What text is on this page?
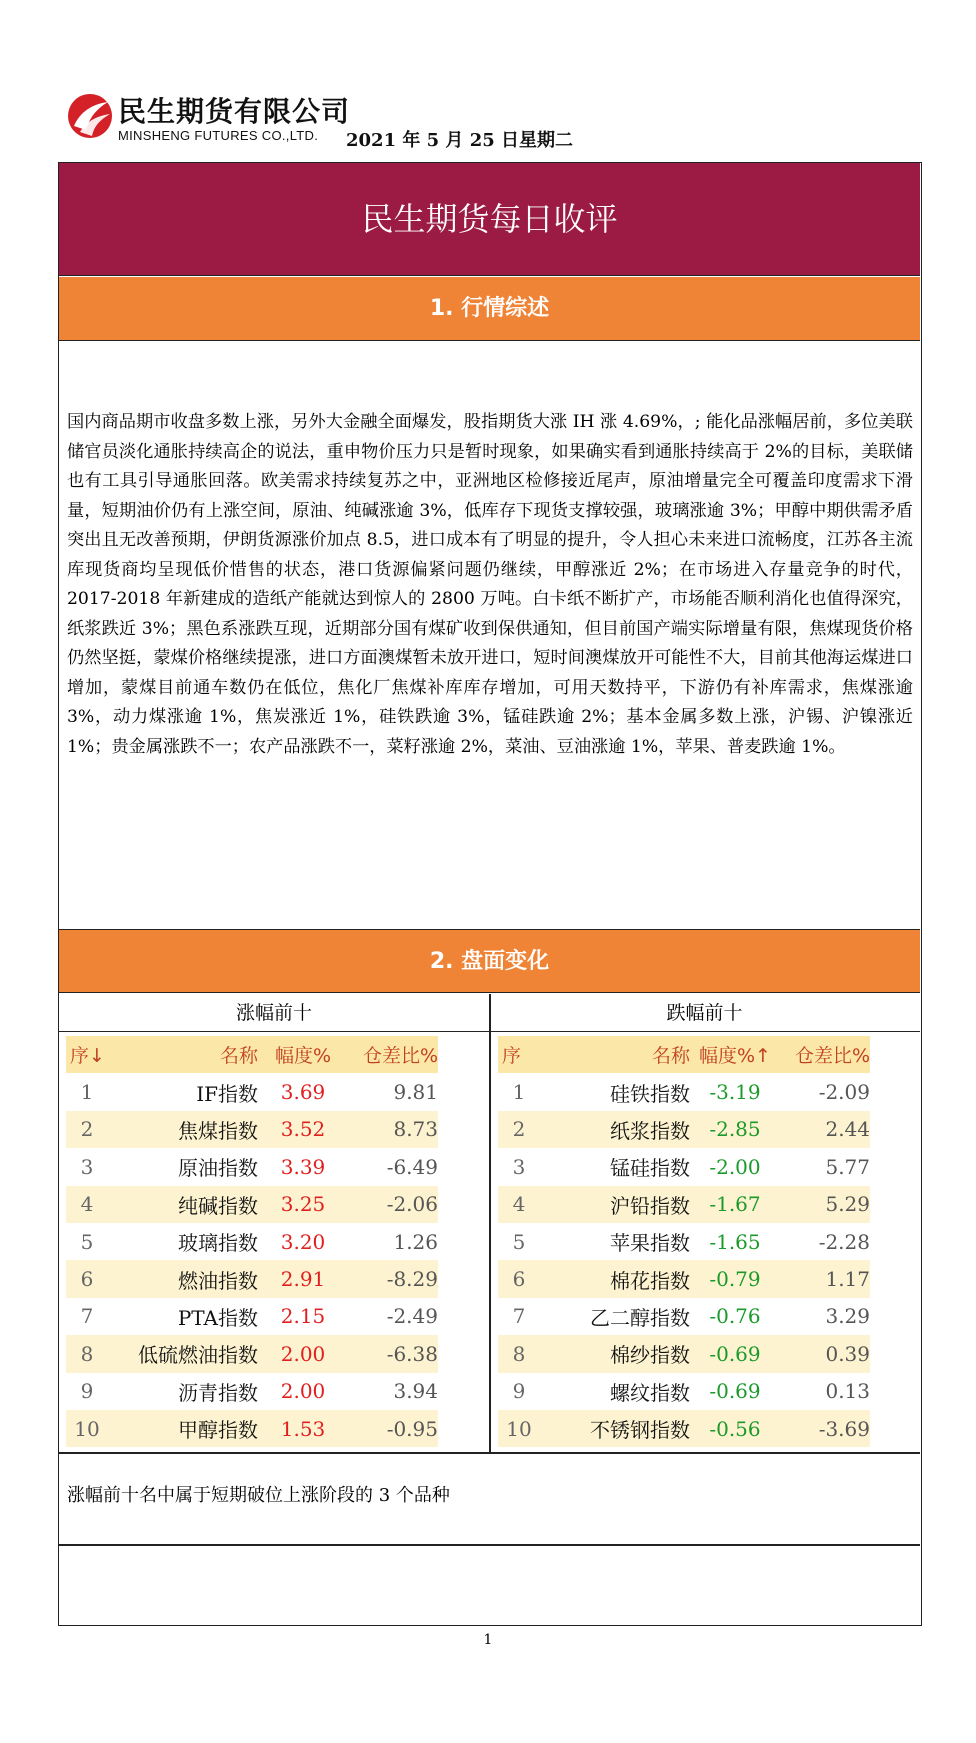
民生期货有限公司
MINSHENG FUTURES CO.,LTD. 2021 年 5 月 25 日星期二
民生期货每日收评
1. 行情综述
国内商品期市收盘多数上涨，另外大金融全面爆发，股指期货大涨 IH 涨 4.69%，; 能化品涨幅居前，多位美联储官员淡化通胀持续高企的说法，重申物价压力只是暂时现象，如果确实看到通胀持续高于 2%的目标，美联储也有工具引导通胀回落。欧美需求持续复苏之中，亚洲地区检修接近尾声，原油增量完全可覆盖印度需求下滑量，短期油价仍有上涨空间，原油、纯碱涨逾 3%，低库存下现货支撑较强，玻璃涨逾 3%；甲醇中期供需矛盾突出且无改善预期，伊朗货源涨价加点 8.5，进口成本有了明显的提升，令人担心未来进口流畅度，江苏各主流库现货商均呈现低价惜售的状态，港口货源偏紧问题仍继续，甲醇涨近 2%；在市场进入存量竞争的时代，2017-2018 年新建成的造纸产能就达到惊人的 2800 万吨。白卡纸不断扩产，市场能否顺利消化也值得深究，纸浆跌近 3%；黑色系涨跌互现，近期部分国有煤矿收到保供通知，但目前国产端实际增量有限，焦煤现货价格仍然坚挺，蒙煤价格继续提涨，进口方面澳煤暂未放开进口，短时间澳煤放开可能性不大，目前其他海运煤进口增加，蒙煤目前通车数仍在低位，焦化厂焦煤补库库存增加，可用天数持平，下游仍有补库需求，焦煤涨逾 3%，动力煤涨逾 1%，焦炭涨近 1%，硅铁跌逾 3%，锰硅跌逾 2%；基本金属多数上涨，沪锡、沪镍涨近 1%；贵金属涨跌不一；农产品涨跌不一，菜籽涨逾 2%，菜油、豆油涨逾 1%，苹果、普麦跌逾 1%。
2. 盘面变化
涨幅前十	跌幅前十
序↓	名称	幅度%	仓差比%
1	IF指数	3.69	9.81
2	焦煤指数	3.52	8.73
3	原油指数	3.39	-6.49
4	纯碱指数	3.25	-2.06
5	玻璃指数	3.20	1.26
6	燃油指数	2.91	-8.29
7	PTA指数	2.15	-2.49
8	低硫燃油指数	2.00	-6.38
9	沥青指数	2.00	3.94
10	甲醇指数	1.53	-0.95
序	名称	幅度%↑	仓差比%
1	硅铁指数	-3.19	-2.09
2	纸浆指数	-2.85	2.44
3	锰硅指数	-2.00	5.77
4	沪铅指数	-1.67	5.29
5	苹果指数	-1.65	-2.28
6	棉花指数	-0.79	1.17
7	乙二醇指数	-0.76	3.29
8	棉纱指数	-0.69	0.39
9	螺纹指数	-0.69	0.13
10	不锈钢指数	-0.56	-3.69
涨幅前十名中属于短期破位上涨阶段的 3 个品种
1
